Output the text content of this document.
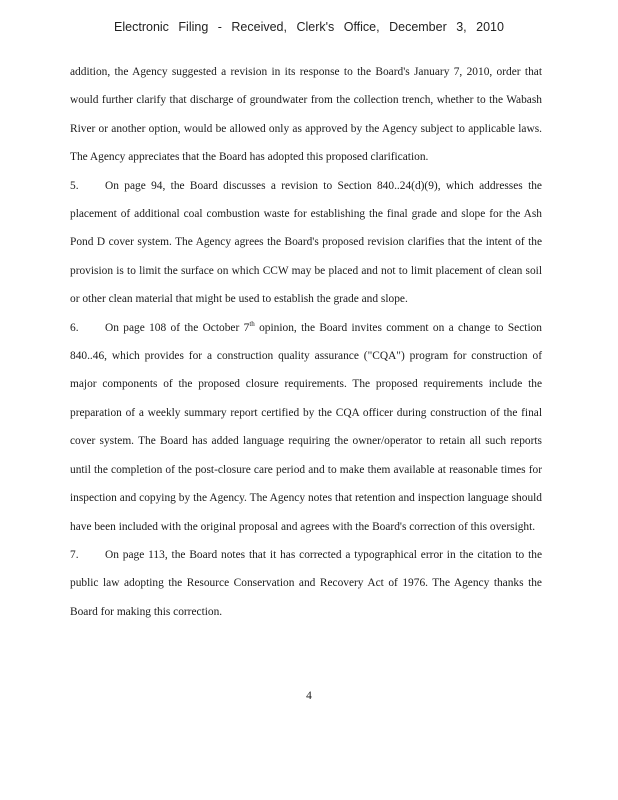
Electronic Filing - Received, Clerk's Office, December 3, 2010

addition, the Agency suggested a revision in its response to the Board's January 7, 2010, order that would further clarify that discharge of groundwater from the collection trench, whether to the Wabash River or another option, would be allowed only as approved by the Agency subject to applicable laws. The Agency appreciates that the Board has adopted this proposed clarification.

5. On page 94, the Board discusses a revision to Section 840..24(d)(9), which addresses the placement of additional coal combustion waste for establishing the final grade and slope for the Ash Pond D cover system. The Agency agrees the Board's proposed revision clarifies that the intent of the provision is to limit the surface on which CCW may be placed and not to limit placement of clean soil or other clean material that might be used to establish the grade and slope.

6. On page 108 of the October 7th opinion, the Board invites comment on a change to Section 840..46, which provides for a construction quality assurance ("CQA") program for construction of major components of the proposed closure requirements. The proposed requirements include the preparation of a weekly summary report certified by the CQA officer during construction of the final cover system. The Board has added language requiring the owner/operator to retain all such reports until the completion of the post-closure care period and to make them available at reasonable times for inspection and copying by the Agency. The Agency notes that retention and inspection language should have been included with the original proposal and agrees with the Board's correction of this oversight.

7. On page 113, the Board notes that it has corrected a typographical error in the citation to the public law adopting the Resource Conservation and Recovery Act of 1976. The Agency thanks the Board for making this correction.

4
